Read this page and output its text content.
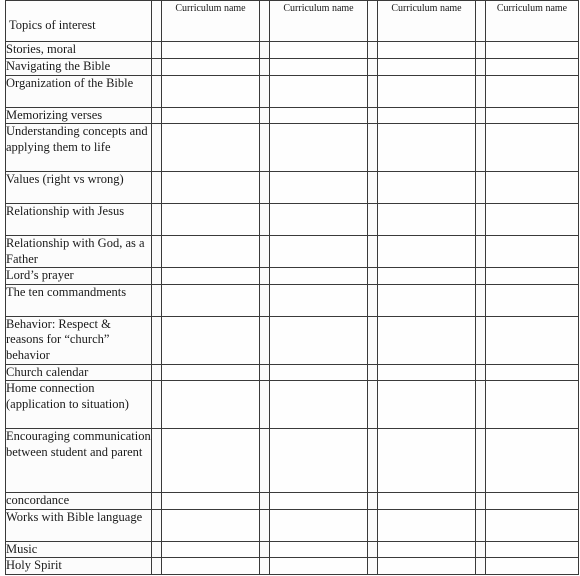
Topics of interest		Curriculum name		Curriculum name		Curriculum name		Curriculum name
Stories, moral								
Navigating the Bible								
Organization of the Bible								
Memorizing verses								
Understanding concepts and applying them to life								
Values (right vs wrong)								
Relationship with Jesus								
Relationship with God, as a Father								
Lord’s prayer								
The ten commandments								
Behavior: Respect & reasons for “church” behavior								
Church calendar								
Home connection (application to situation)								
Encouraging communication between student and parent								
concordance								
Works with Bible language								
Music								
Holy Spirit								
